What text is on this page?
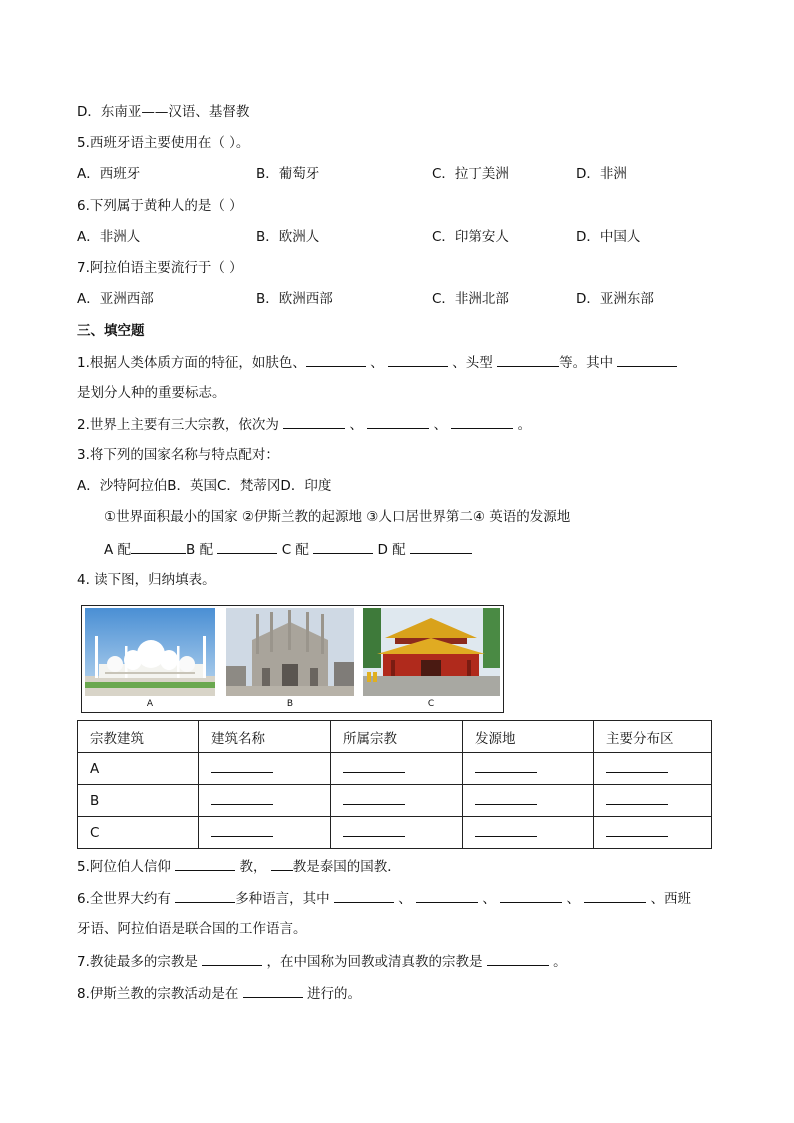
D．东南亚——汉语、基督教
5.西班牙语主要使用在（ ）。
A．西班牙	B．葡萄牙	C．拉丁美洲	D．非洲
6.下列属于黄种人的是（ ）
A．非洲人	B．欧洲人	C．印第安人	D．中国人
7.阿拉伯语主要流行于（ ）
A．亚洲西部	B．欧洲西部	C．非洲北部	D．亚洲东部
三、填空题
1.根据人类体质方面的特征，如肤色、	、	、头型	等。其中
是划分人种的重要标志。
2.世界上主要有三大宗教，依次为	、	、	。
3.将下列的国家名称与特点配对：
A．沙特阿拉伯B．英国C．梵蒂冈D．印度
①世界面积最小的国家 ②伊斯兰教的起源地 ③人口居世界第二④ 英语的发源地
A 配	B 配	C 配	D 配
4. 读下图，归纳填表。
A	B	C
宗教建筑	建筑名称	所属宗教	发源地	主要分布区
A				
B				
C				
5.阿位伯人信仰	教， 教是泰国的国教．
6.全世界大约有	多种语言，其中	、	、	、	、西班
牙语、阿拉伯语是联合国的工作语言。
7.教徒最多的宗教是	，在中国称为回教或清真教的宗教是	。
8.伊斯兰教的宗教活动是在	进行的。
